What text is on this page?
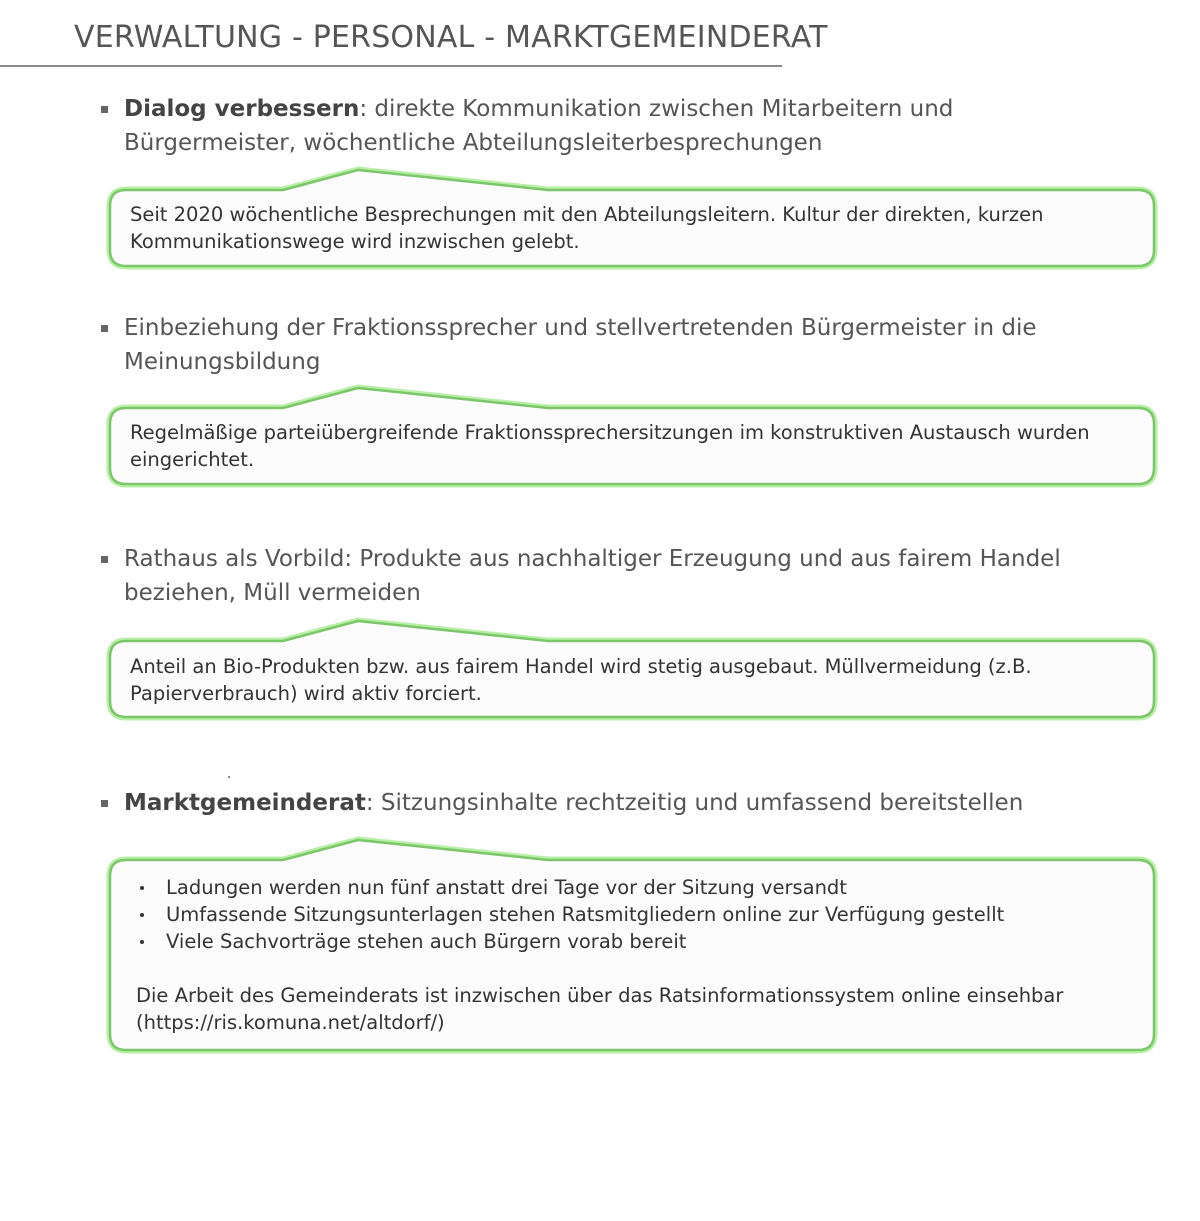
VERWALTUNG - PERSONAL - MARKTGEMEINDERAT
Dialog verbessern: direkte Kommunikation zwischen Mitarbeitern und Bürgermeister, wöchentliche Abteilungsleiterbesprechungen
Seit 2020 wöchentliche Besprechungen mit den Abteilungsleitern. Kultur der direkten, kurzen Kommunikationswege wird inzwischen gelebt.
Einbeziehung der Fraktionssprecher und stellvertretenden Bürgermeister in die Meinungsbildung
Regelmäßige parteiübergreifende Fraktionssprechersitzungen im konstruktiven Austausch wurden eingerichtet.
Rathaus als Vorbild: Produkte aus nachhaltiger Erzeugung und aus fairem Handel beziehen, Müll vermeiden
Anteil an Bio-Produkten bzw. aus fairem Handel wird stetig ausgebaut. Müllvermeidung (z.B. Papierverbrauch) wird aktiv forciert.
Marktgemeinderat: Sitzungsinhalte rechtzeitig und umfassend bereitstellen
Ladungen werden nun fünf anstatt drei Tage vor der Sitzung versandt
Umfassende Sitzungsunterlagen stehen Ratsmitgliedern online zur Verfügung gestellt
Viele Sachvorträge stehen auch Bürgern vorab bereit
Die Arbeit des Gemeinderats ist inzwischen über das Ratsinformationssystem online einsehbar (https://ris.komuna.net/altdorf/)
